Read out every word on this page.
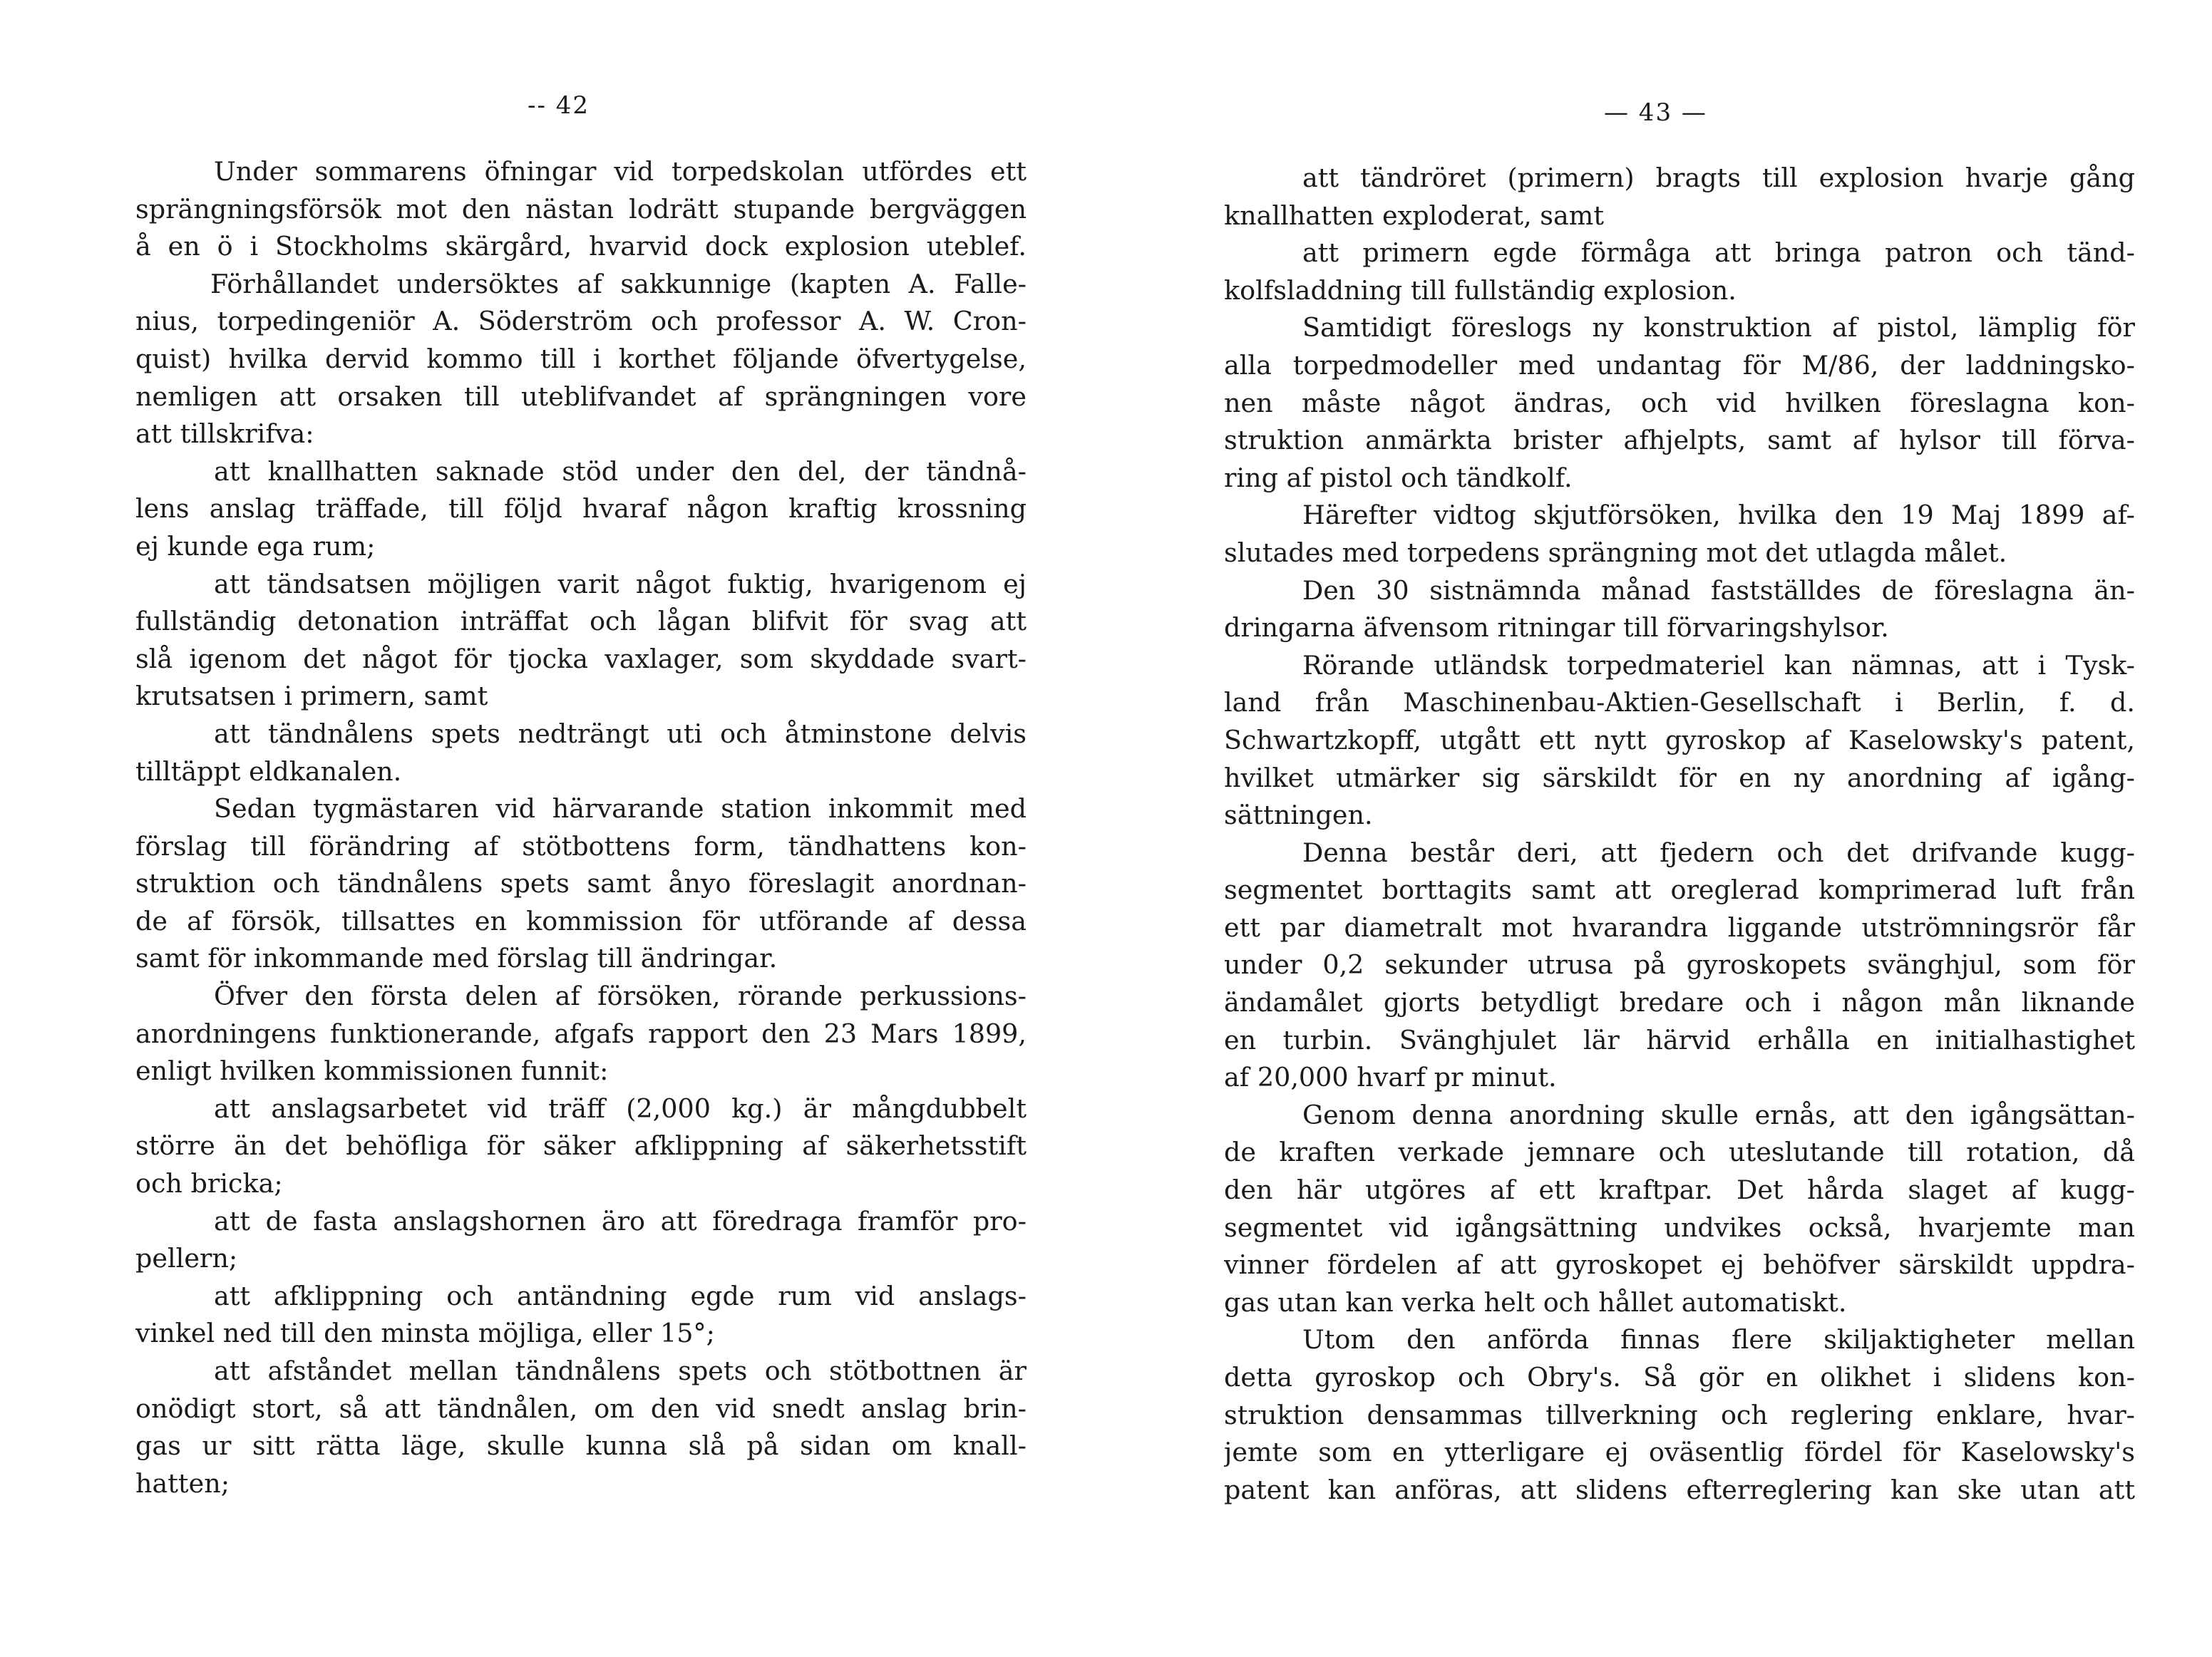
-- 42
Under sommarens öfningar vid torpedskolan utfördes ett
sprängningsförsök mot den nästan lodrätt stupande bergväggen
å en ö i Stockholms skärgård, hvarvid dock explosion uteblef.
Förhållandet undersöktes af sakkunnige (kapten A. Falle-
nius, torpedingeniör A. Söderström och professor A. W. Cron-
quist) hvilka dervid kommo till i korthet följande öfvertygelse,
nemligen att orsaken till uteblifvandet af sprängningen vore
att tillskrifva:
att knallhatten saknade stöd under den del, der tändnå-
lens anslag träffade, till följd hvaraf någon kraftig krossning
ej kunde ega rum;
att tändsatsen möjligen varit något fuktig, hvarigenom ej
fullständig detonation inträffat och lågan blifvit för svag att
slå igenom det något för tjocka vaxlager, som skyddade svart-
krutsatsen i primern, samt
att tändnålens spets nedträngt uti och åtminstone delvis
tilltäppt eldkanalen.
Sedan tygmästaren vid härvarande station inkommit med
förslag till förändring af stötbottens form, tändhattens kon-
struktion och tändnålens spets samt ånyo föreslagit anordnan-
de af försök, tillsattes en kommission för utförande af dessa
samt för inkommande med förslag till ändringar.
Öfver den första delen af försöken, rörande perkussions-
anordningens funktionerande, afgafs rapport den 23 Mars 1899,
enligt hvilken kommissionen funnit:
att anslagsarbetet vid träff (2,000 kg.) är mångdubbelt
större än det behöfliga för säker afklippning af säkerhetsstift
och bricka;
att de fasta anslagshornen äro att föredraga framför pro-
pellern;
att afklippning och antändning egde rum vid anslags-
vinkel ned till den minsta möjliga, eller 15°;
att afståndet mellan tändnålens spets och stötbottnen är
onödigt stort, så att tändnålen, om den vid snedt anslag brin-
gas ur sitt rätta läge, skulle kunna slå på sidan om knall-
hatten;
— 43 —
att tändröret (primern) bragts till explosion hvarje gång
knallhatten exploderat, samt
att primern egde förmåga att bringa patron och tänd-
kolfsladdning till fullständig explosion.
Samtidigt föreslogs ny konstruktion af pistol, lämplig för
alla torpedmodeller med undantag för M/86, der laddningsko-
nen måste något ändras, och vid hvilken föreslagna kon-
struktion anmärkta brister afhjelpts, samt af hylsor till förva-
ring af pistol och tändkolf.
Härefter vidtog skjutförsöken, hvilka den 19 Maj 1899 af-
slutades med torpedens sprängning mot det utlagda målet.
Den 30 sistnämnda månad fastställdes de föreslagna än-
dringarna äfvensom ritningar till förvaringshylsor.
Rörande utländsk torpedmateriel kan nämnas, att i Tysk-
land från Maschinenbau-Aktien-Gesellschaft i Berlin, f. d.
Schwartzkopff, utgått ett nytt gyroskop af Kaselowsky's patent,
hvilket utmärker sig särskildt för en ny anordning af igång-
sättningen.
Denna består deri, att fjedern och det drifvande kugg-
segmentet borttagits samt att oreglerad komprimerad luft från
ett par diametralt mot hvarandra liggande utströmningsrör får
under 0,2 sekunder utrusa på gyroskopets svänghjul, som för
ändamålet gjorts betydligt bredare och i någon mån liknande
en turbin. Svänghjulet lär härvid erhålla en initialhastighet
af 20,000 hvarf pr minut.
Genom denna anordning skulle ernås, att den igångsättan-
de kraften verkade jemnare och uteslutande till rotation, då
den här utgöres af ett kraftpar. Det hårda slaget af kugg-
segmentet vid igångsättning undvikes också, hvarjemte man
vinner fördelen af att gyroskopet ej behöfver särskildt uppdra-
gas utan kan verka helt och hållet automatiskt.
Utom den anförda finnas flere skiljaktigheter mellan
detta gyroskop och Obry's. Så gör en olikhet i slidens kon-
struktion densammas tillverkning och reglering enklare, hvar-
jemte som en ytterligare ej oväsentlig fördel för Kaselowsky's
patent kan anföras, att slidens efterreglering kan ske utan att
